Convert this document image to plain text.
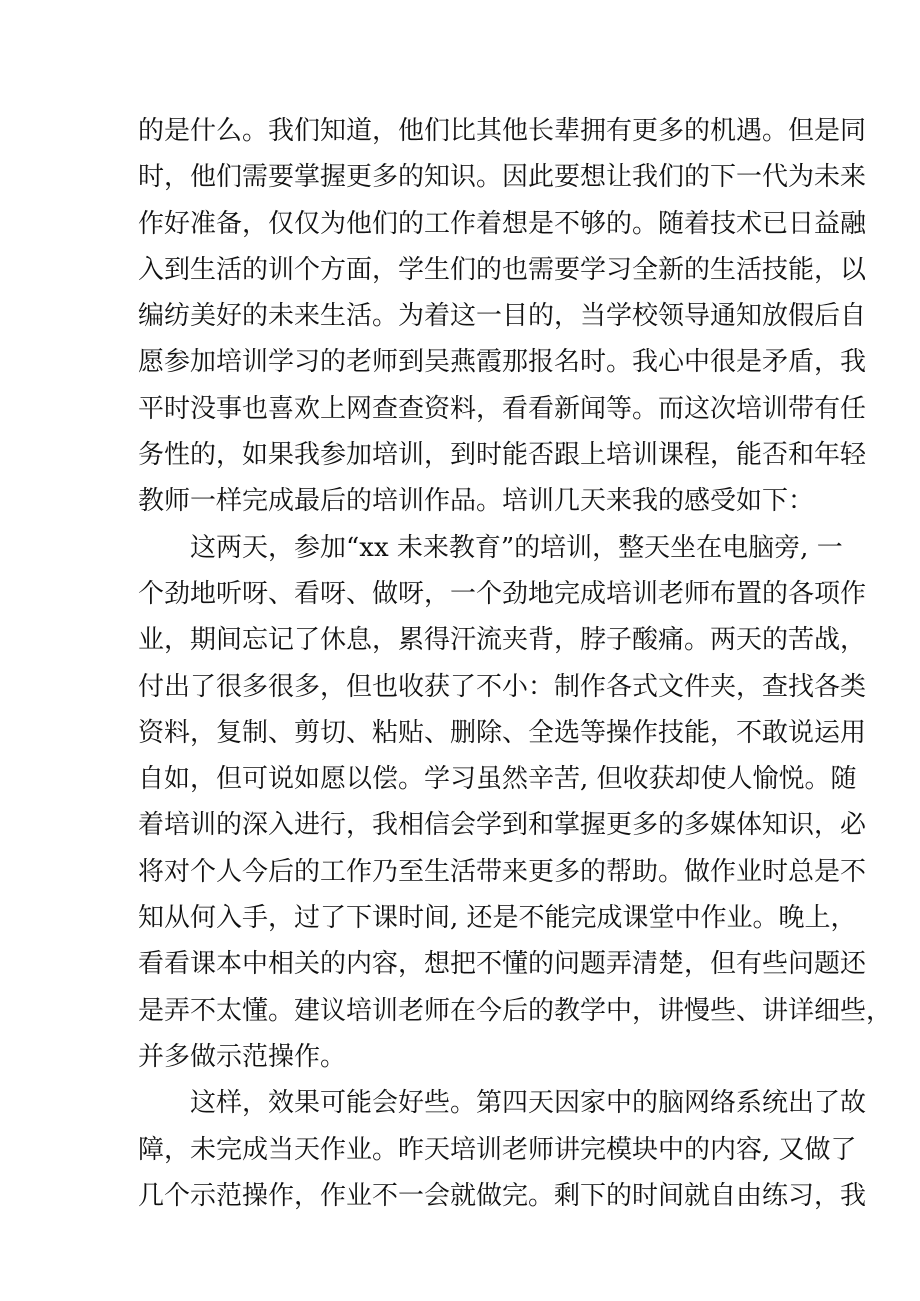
的是什么。我们知道，他们比其他长辈拥有更多的机遇。但是同
时，他们需要掌握更多的知识。因此要想让我们的下一代为未来
作好准备，仅仅为他们的工作着想是不够的。随着技术已日益融
入到生活的训个方面，学生们的也需要学习全新的生活技能，以
编纺美好的未来生活。为着这一目的，当学校领导通知放假后自
愿参加培训学习的老师到吴燕霞那报名时。我心中很是矛盾，我
平时没事也喜欢上网查查资料，看看新闻等。而这次培训带有任
务性的，如果我参加培训，到时能否跟上培训课程，能否和年轻
教师一样完成最后的培训作品。培训几天来我的感受如下：
这两天，参加“xx 未来教育”的培训，整天坐在电脑旁, 一
个劲地听呀、看呀、做呀，一个劲地完成培训老师布置的各项作
业，期间忘记了休息，累得汗流夹背，脖子酸痛。两天的苦战，
付出了很多很多，但也收获了不小：制作各式文件夹，查找各类
资料，复制、剪切、粘贴、删除、全选等操作技能，不敢说运用
自如，但可说如愿以偿。学习虽然辛苦, 但收获却使人愉悦。随
着培训的深入进行，我相信会学到和掌握更多的多媒体知识，必
将对个人今后的工作乃至生活带来更多的帮助。做作业时总是不
知从何入手，过了下课时间, 还是不能完成课堂中作业。晚上，
看看课本中相关的内容，想把不懂的问题弄清楚，但有些问题还
是弄不太懂。建议培训老师在今后的教学中，讲慢些、讲详细些，
并多做示范操作。
这样，效果可能会好些。第四天因家中的脑网络系统出了故
障，未完成当天作业。昨天培训老师讲完模块中的内容, 又做了
几个示范操作，作业不一会就做完。剩下的时间就自由练习，我
